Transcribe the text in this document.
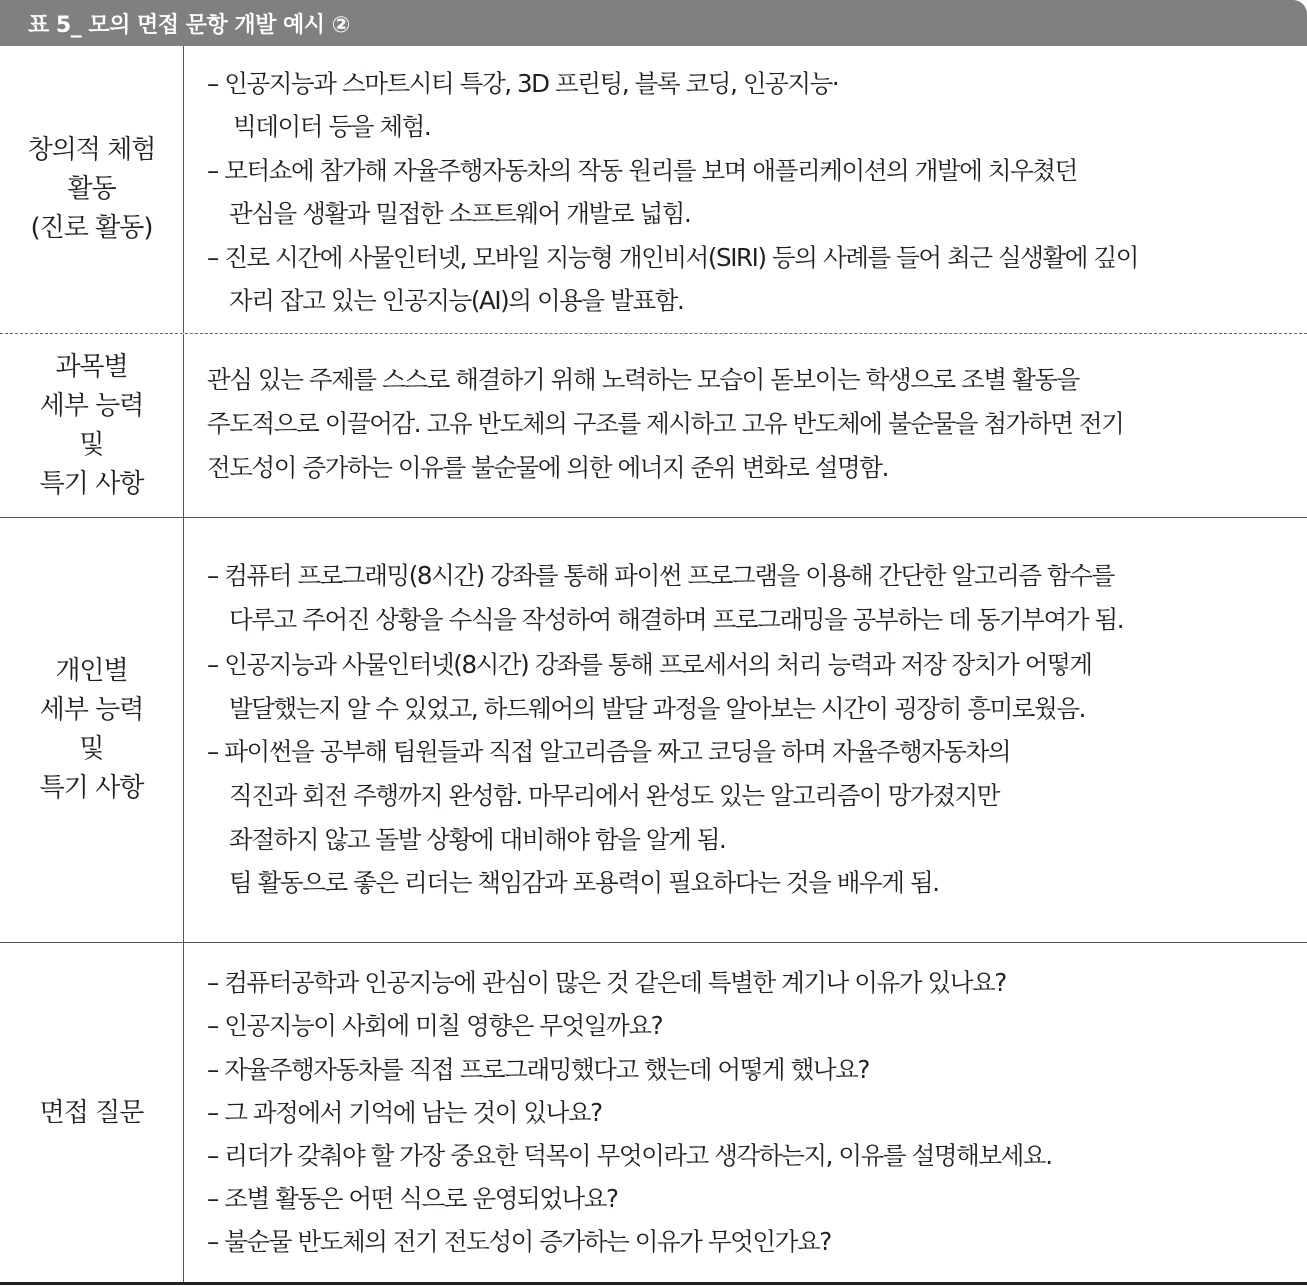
표 5_ 모의 면접 문항 개발 예시 ②
창의적 체험
활동
(진로 활동)
– 인공지능과 스마트시티 특강, 3D 프린팅, 블록 코딩, 인공지능·
빅데이터 등을 체험.
– 모터쇼에 참가해 자율주행자동차의 작동 원리를 보며 애플리케이션의 개발에 치우쳤던
관심을 생활과 밀접한 소프트웨어 개발로 넓힘.
– 진로 시간에 사물인터넷, 모바일 지능형 개인비서(SIRI) 등의 사례를 들어 최근 실생활에 깊이
자리 잡고 있는 인공지능(AI)의 이용을 발표함.
과목별
세부 능력
및
특기 사항
관심 있는 주제를 스스로 해결하기 위해 노력하는 모습이 돋보이는 학생으로 조별 활동을
주도적으로 이끌어감. 고유 반도체의 구조를 제시하고 고유 반도체에 불순물을 첨가하면 전기
전도성이 증가하는 이유를 불순물에 의한 에너지 준위 변화로 설명함.
개인별
세부 능력
및
특기 사항
– 컴퓨터 프로그래밍(8시간) 강좌를 통해 파이썬 프로그램을 이용해 간단한 알고리즘 함수를
다루고 주어진 상황을 수식을 작성하여 해결하며 프로그래밍을 공부하는 데 동기부여가 됨.
– 인공지능과 사물인터넷(8시간) 강좌를 통해 프로세서의 처리 능력과 저장 장치가 어떻게
발달했는지 알 수 있었고, 하드웨어의 발달 과정을 알아보는 시간이 굉장히 흥미로웠음.
– 파이썬을 공부해 팀원들과 직접 알고리즘을 짜고 코딩을 하며 자율주행자동차의
직진과 회전 주행까지 완성함. 마무리에서 완성도 있는 알고리즘이 망가졌지만
좌절하지 않고 돌발 상황에 대비해야 함을 알게 됨.
팀 활동으로 좋은 리더는 책임감과 포용력이 필요하다는 것을 배우게 됨.
면접 질문
– 컴퓨터공학과 인공지능에 관심이 많은 것 같은데 특별한 계기나 이유가 있나요?
– 인공지능이 사회에 미칠 영향은 무엇일까요?
– 자율주행자동차를 직접 프로그래밍했다고 했는데 어떻게 했나요?
– 그 과정에서 기억에 남는 것이 있나요?
– 리더가 갖춰야 할 가장 중요한 덕목이 무엇이라고 생각하는지, 이유를 설명해보세요.
– 조별 활동은 어떤 식으로 운영되었나요?
– 불순물 반도체의 전기 전도성이 증가하는 이유가 무엇인가요?
